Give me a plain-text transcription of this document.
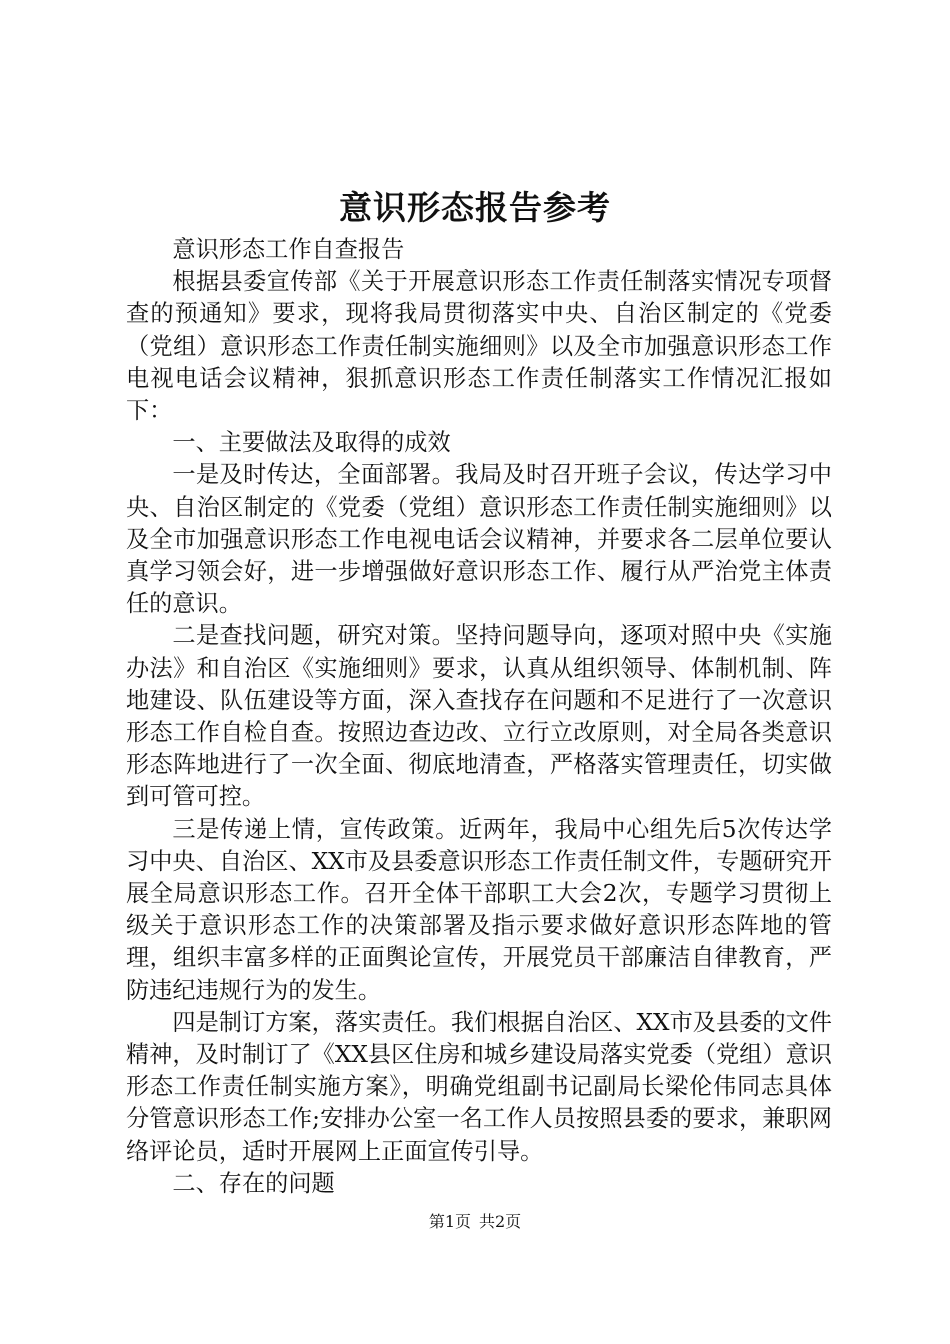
意识形态报告参考

意识形态工作自查报告

根据县委宣传部《关于开展意识形态工作责任制落实情况专项督查的预通知》要求，现将我局贯彻落实中央、自治区制定的《党委（党组）意识形态工作责任制实施细则》以及全市加强意识形态工作电视电话会议精神，狠抓意识形态工作责任制落实工作情况汇报如下：

一、主要做法及取得的成效

一是及时传达，全面部署。我局及时召开班子会议，传达学习中央、自治区制定的《党委（党组）意识形态工作责任制实施细则》以及全市加强意识形态工作电视电话会议精神，并要求各二层单位要认真学习领会好，进一步增强做好意识形态工作、履行从严治党主体责任的意识。

二是查找问题，研究对策。坚持问题导向，逐项对照中央《实施办法》和自治区《实施细则》要求，认真从组织领导、体制机制、阵地建设、队伍建设等方面，深入查找存在问题和不足进行了一次意识形态工作自检自查。按照边查边改、立行立改原则，对全局各类意识形态阵地进行了一次全面、彻底地清查，严格落实管理责任，切实做到可管可控。

三是传递上情，宣传政策。近两年，我局中心组先后5次传达学习中央、自治区、XX市及县委意识形态工作责任制文件，专题研究开展全局意识形态工作。召开全体干部职工大会2次，专题学习贯彻上级关于意识形态工作的决策部署及指示要求做好意识形态阵地的管理，组织丰富多样的正面舆论宣传，开展党员干部廉洁自律教育，严防违纪违规行为的发生。

四是制订方案，落实责任。我们根据自治区、XX市及县委的文件精神，及时制订了《XX县区住房和城乡建设局落实党委（党组）意识形态工作责任制实施方案》，明确党组副书记副局长梁伦伟同志具体分管意识形态工作;安排办公室一名工作人员按照县委的要求，兼职网络评论员，适时开展网上正面宣传引导。

二、存在的问题

第1页 共2页
